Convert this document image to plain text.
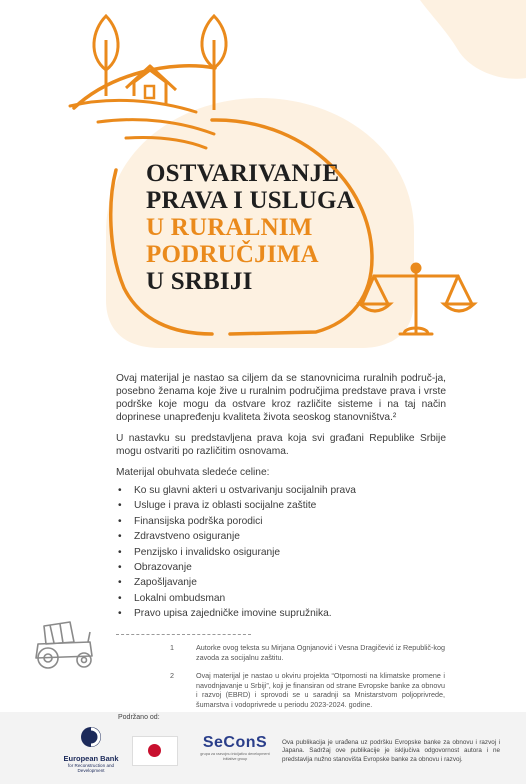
OSTVARIVANJE
PRAVA I USLUGA
U RURALNIM
PODRUČJIMA
U SRBIJI

Ovaj materijal je nastao sa ciljem da se stanovnicima ruralnih područ-ja, posebno ženama koje žive u ruralnim područjima predstave prava i vrste podrške koje mogu da ostvare kroz različite sisteme i na taj način doprinese unapređenju kvaliteta života seoskog stanovništva.²

U nastavku su predstavljena prava koja svi građani Republike Srbije mogu ostvariti po različitim osnovama.

Materijal obuhvata sledeće celine:

• Ko su glavni akteri u ostvarivanju socijalnih prava
• Usluge i prava iz oblasti socijalne zaštite
• Finansijska podrška porodici
• Zdravstveno osiguranje
• Penzijsko i invalidsko osiguranje
• Obrazovanje
• Zapošljavanje
• Lokalni ombudsman
• Pravo upisa zajedničke imovine supružnika.
1	Autorke ovog teksta su Mirjana Ognjanović i Vesna Dragičević iz Republič-kog zavoda za socijalnu zaštitu.
2	Ovaj materijal je nastao u okviru projekta “Otpornosti na klimatske promene i navodnjavanje u Srbiji”, koji je finansiran od strane Evropske banke za obnovu i razvoj (EBRD) i sprovodi se u saradnji sa Mnistarstvom poljoprivrede, šumarstva i vodoprivrede u periodu 2023-2024. godine.
Podržano od:
European Bank
for Reconstruction and Development
SeConS
grupa za razvojnu inicijativu development initiative group
Ova publikacija je urađena uz podršku Evropske banke za obnovu i razvoj i Japana. Sadržaj ove publikacije je isključiva odgovornost autora i ne predstavlja nužno stanovišta Evropske banke za obnovu i razvoj.
